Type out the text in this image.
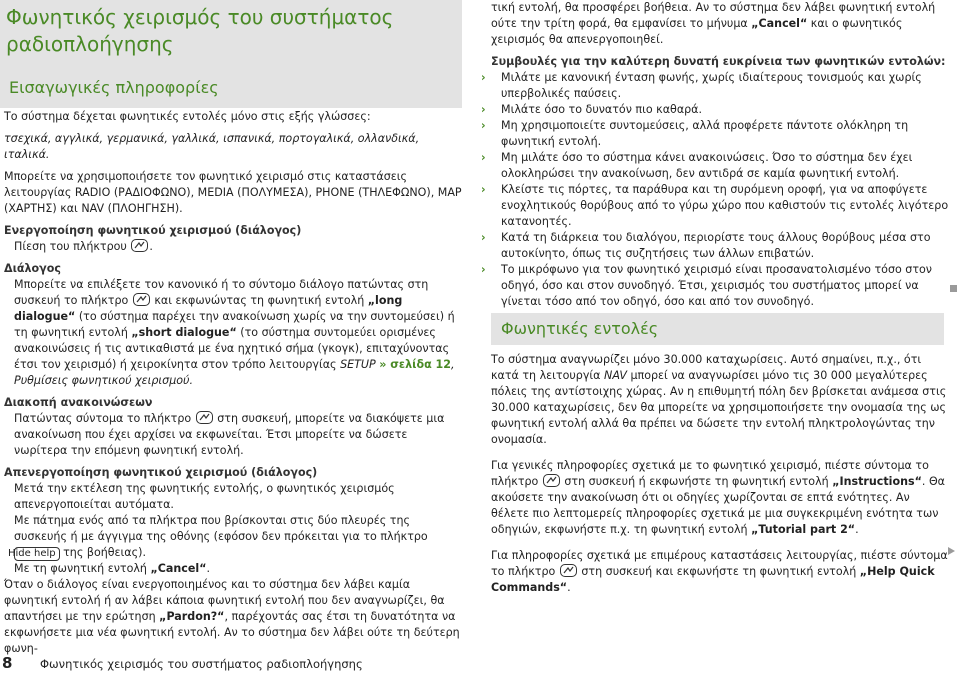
Φωνητικός χειρισμός του συστήματος ραδιοπλοήγησης
Εισαγωγικές πληροφορίες

Το σύστημα δέχεται φωνητικές εντολές μόνο στις εξής γλώσσες:

τσεχικά, αγγλικά, γερμανικά, γαλλικά, ισπανικά, πορτογαλικά, ολλανδικά, ιταλικά.

Μπορείτε να χρησιμοποιήσετε τον φωνητικό χειρισμό στις καταστάσεις λειτουργίας RADIO (ΡΑΔΙΟΦΩΝΟ), MEDIA (ΠΟΛΥΜΕΣΑ), PHONE (ΤΗΛΕΦΩΝΟ), MAP (ΧΑΡΤΗΣ) και NAV (ΠΛΟΗΓΗΣΗ).

Ενεργοποίηση φωνητικού χειρισμού (διάλογος)

Πίεση του πλήκτρου .

Διάλογος

Μπορείτε να επιλέξετε τον κανονικό ή το σύντομο διάλογο πατώντας στη συσκευή το πλήκτρο και εκφωνώντας τη φωνητική εντολή „long dialogue“ (το σύστημα παρέχει την ανακοίνωση χωρίς να την συντομεύσει) ή τη φωνητική εντολή „short dialogue“ (το σύστημα συντομεύει ορισμένες ανακοινώσεις ή τις αντικαθιστά με ένα ηχητικό σήμα (γκογκ), επιταχύνοντας έτσι τον χειρισμό) ή χειροκίνητα στον τρόπο λειτουργίας SETUP » σελίδα 12, Ρυθμίσεις φωνητικού χειρισμού.

Διακοπή ανακοινώσεων

Πατώντας σύντομα το πλήκτρο στη συσκευή, μπορείτε να διακόψετε μια ανακοίνωση που έχει αρχίσει να εκφωνείται. Έτσι μπορείτε να δώσετε νωρίτερα την επόμενη φωνητική εντολή.

Απενεργοποίηση φωνητικού χειρισμού (διάλογος)

Μετά την εκτέλεση της φωνητικής εντολής, ο φωνητικός χειρισμός απενεργοποιείται αυτόματα.

Με πάτημα ενός από τα πλήκτρα που βρίσκονται στις δύο πλευρές της συσκευής ή με άγγιγμα της οθόνης (εφόσον δεν πρόκειται για το πλήκτρο Hide help της βοήθειας).

Με τη φωνητική εντολή „Cancel“.

Όταν ο διάλογος είναι ενεργοποιημένος και το σύστημα δεν λάβει καμία φωνητική εντολή ή αν λάβει κάποια φωνητική εντολή που δεν αναγνωρίζει, θα απαντήσει με την ερώτηση „Pardon?“, παρέχοντάς σας έτσι τη δυνατότητα να εκφωνήσετε μια νέα φωνητική εντολή. Αν το σύστημα δεν λάβει ούτε τη δεύτερη φωνη-

τική εντολή, θα προσφέρει βοήθεια. Αν το σύστημα δεν λάβει φωνητική εντολή ούτε την τρίτη φορά, θα εμφανίσει το μήνυμα „Cancel“ και ο φωνητικός χειρισμός θα απενεργοποιηθεί.

Συμβουλές για την καλύτερη δυνατή ευκρίνεια των φωνητικών εντολών:

› Μιλάτε με κανονική ένταση φωνής, χωρίς ιδιαίτερους τονισμούς και χωρίς υπερβολικές παύσεις.

› Μιλάτε όσο το δυνατόν πιο καθαρά.

› Μη χρησιμοποιείτε συντομεύσεις, αλλά προφέρετε πάντοτε ολόκληρη τη φωνητική εντολή.

› Μη μιλάτε όσο το σύστημα κάνει ανακοινώσεις. Όσο το σύστημα δεν έχει ολοκληρώσει την ανακοίνωση, δεν αντιδρά σε καμία φωνητική εντολή.

› Κλείστε τις πόρτες, τα παράθυρα και τη συρόμενη οροφή, για να αποφύγετε ενοχλητικούς θορύβους από το γύρω χώρο που καθιστούν τις εντολές λιγότερο κατανοητές.

› Κατά τη διάρκεια του διαλόγου, περιορίστε τους άλλους θορύβους μέσα στο αυτοκίνητο, όπως τις συζητήσεις των άλλων επιβατών.

› Το μικρόφωνο για τον φωνητικό χειρισμό είναι προσανατολισμένο τόσο στον οδηγό, όσο και στον συνοδηγό. Έτσι, χειρισμός του συστήματος μπορεί να γίνεται τόσο από τον οδηγό, όσο και από τον συνοδηγό.

Φωνητικές εντολές

Το σύστημα αναγνωρίζει μόνο 30.000 καταχωρίσεις. Αυτό σημαίνει, π.χ., ότι κατά τη λειτουργία NAV μπορεί να αναγνωρίσει μόνο τις 30 000 μεγαλύτερες πόλεις της αντίστοιχης χώρας. Αν η επιθυμητή πόλη δεν βρίσκεται ανάμεσα στις 30.000 καταχωρίσεις, δεν θα μπορείτε να χρησιμοποιήσετε την ονομασία της ως φωνητική εντολή αλλά θα πρέπει να δώσετε την εντολή πληκτρολογώντας την ονομασία.

Για γενικές πληροφορίες σχετικά με το φωνητικό χειρισμό, πιέστε σύντομα το πλήκτρο στη συσκευή ή εκφωνήστε τη φωνητική εντολή „Instructions“. Θα ακούσετε την ανακοίνωση ότι οι οδηγίες χωρίζονται σε επτά ενότητες. Αν θέλετε πιο λεπτομερείς πληροφορίες σχετικά με μια συγκεκριμένη ενότητα των οδηγιών, εκφωνήστε π.χ. τη φωνητική εντολή „Tutorial part 2“.

Για πληροφορίες σχετικά με επιμέρους καταστάσεις λειτουργίας, πιέστε σύντομα το πλήκτρο στη συσκευή και εκφωνήστε τη φωνητική εντολή „Help Quick Commands“.

8 Φωνητικός χειρισμός του συστήματος ραδιοπλοήγησης
